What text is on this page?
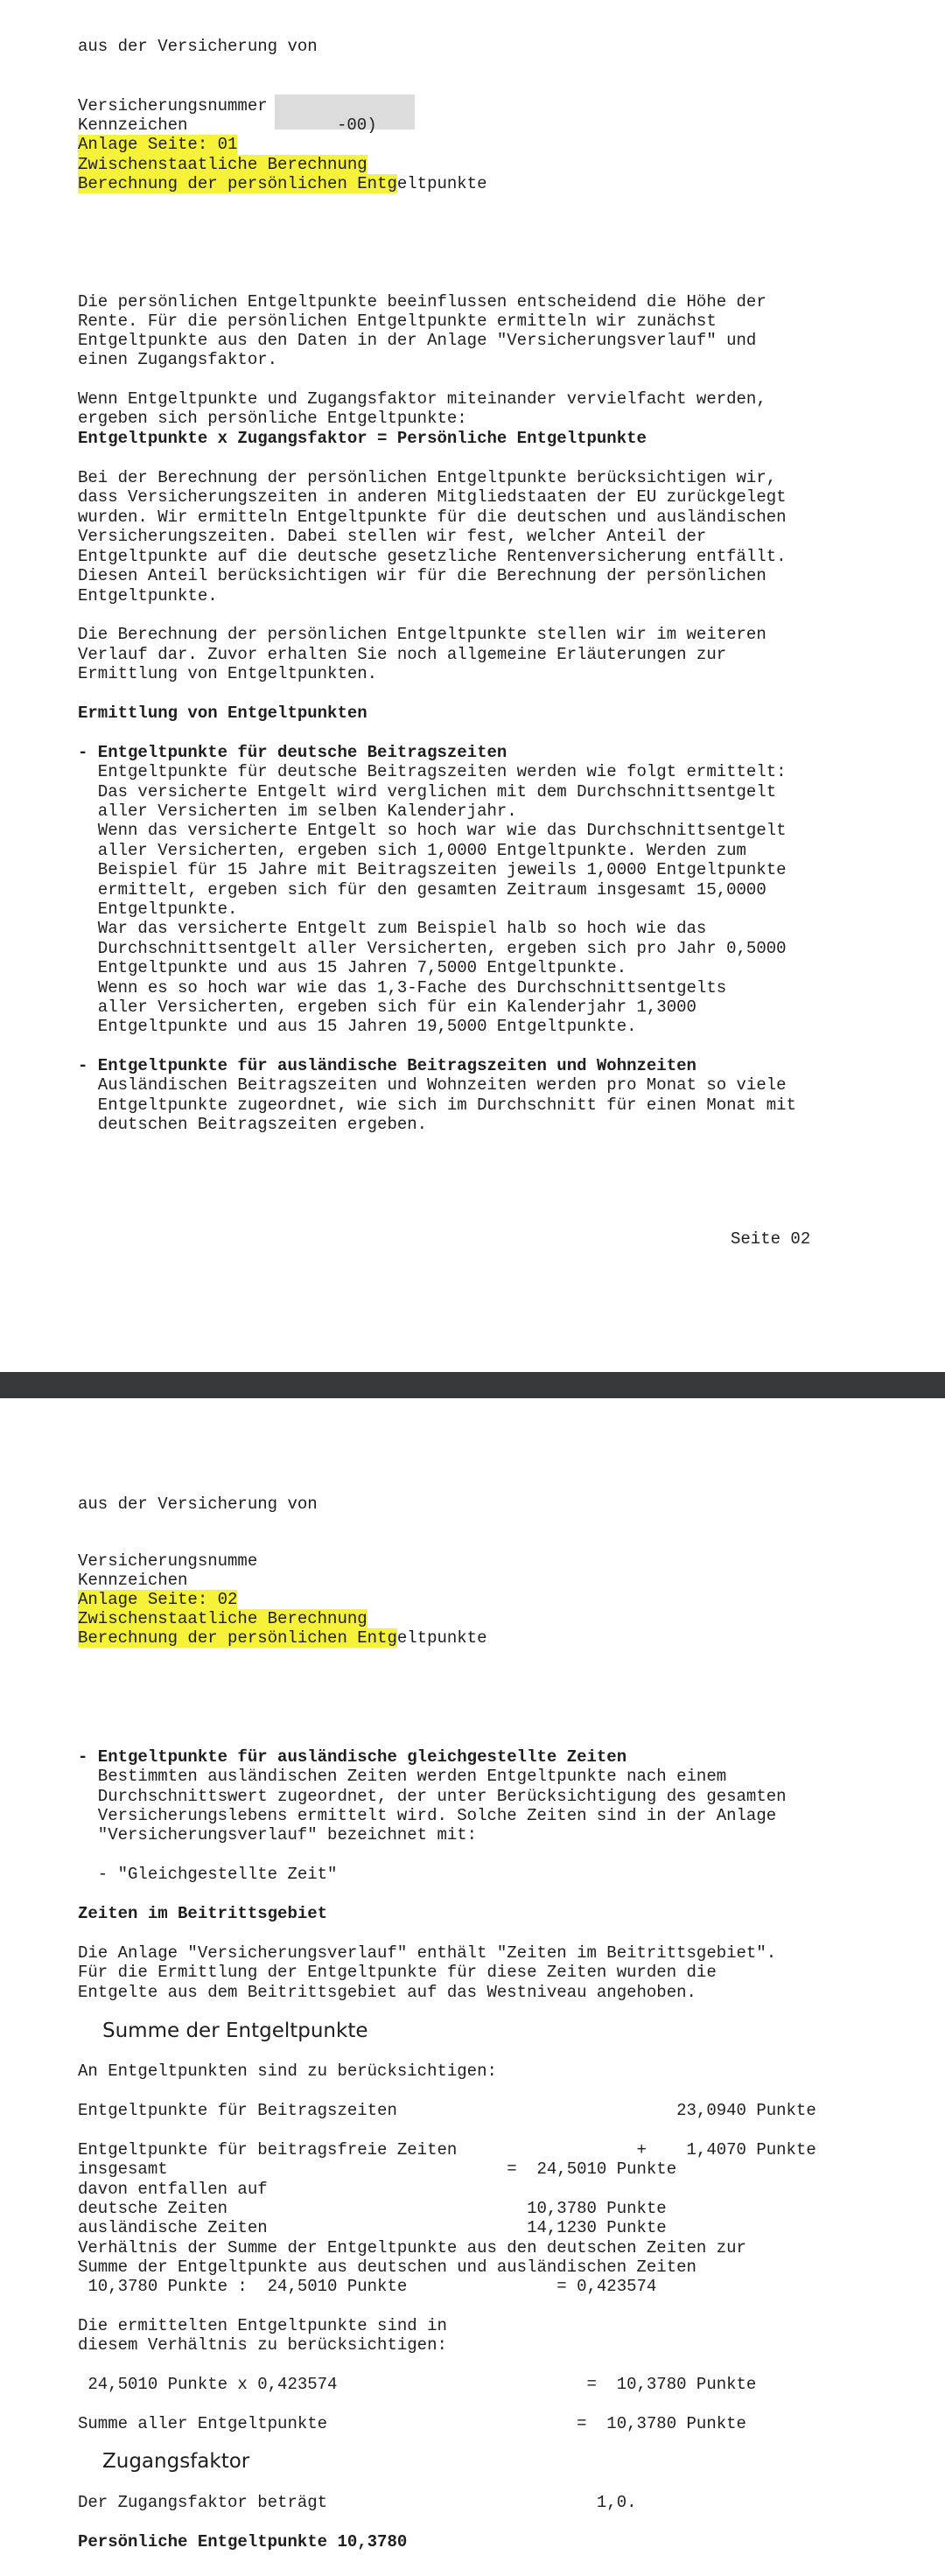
aus der Versicherung von
Versicherungsnummer
Kennzeichen	-00)
Anlage Seite: 01
Zwischenstaatliche Berechnung
Berechnung der persönlichen Entgeltpunkte
Die persönlichen Entgeltpunkte beeinflussen entscheidend die Höhe der
Rente. Für die persönlichen Entgeltpunkte ermitteln wir zunächst
Entgeltpunkte aus den Daten in der Anlage "Versicherungsverlauf" und
einen Zugangsfaktor.
Wenn Entgeltpunkte und Zugangsfaktor miteinander vervielfacht werden,
ergeben sich persönliche Entgeltpunkte:
Entgeltpunkte x Zugangsfaktor = Persönliche Entgeltpunkte
Bei der Berechnung der persönlichen Entgeltpunkte berücksichtigen wir,
dass Versicherungszeiten in anderen Mitgliedstaaten der EU zurückgelegt
wurden. Wir ermitteln Entgeltpunkte für die deutschen und ausländischen
Versicherungszeiten. Dabei stellen wir fest, welcher Anteil der
Entgeltpunkte auf die deutsche gesetzliche Rentenversicherung entfällt.
Diesen Anteil berücksichtigen wir für die Berechnung der persönlichen
Entgeltpunkte.
Die Berechnung der persönlichen Entgeltpunkte stellen wir im weiteren
Verlauf dar. Zuvor erhalten Sie noch allgemeine Erläuterungen zur
Ermittlung von Entgeltpunkten.
Ermittlung von Entgeltpunkten
- Entgeltpunkte für deutsche Beitragszeiten
Entgeltpunkte für deutsche Beitragszeiten werden wie folgt ermittelt:
Das versicherte Entgelt wird verglichen mit dem Durchschnittsentgelt
aller Versicherten im selben Kalenderjahr.
Wenn das versicherte Entgelt so hoch war wie das Durchschnittsentgelt
aller Versicherten, ergeben sich 1,0000 Entgeltpunkte. Werden zum
Beispiel für 15 Jahre mit Beitragszeiten jeweils 1,0000 Entgeltpunkte
ermittelt, ergeben sich für den gesamten Zeitraum insgesamt 15,0000
Entgeltpunkte.
War das versicherte Entgelt zum Beispiel halb so hoch wie das
Durchschnittsentgelt aller Versicherten, ergeben sich pro Jahr 0,5000
Entgeltpunkte und aus 15 Jahren 7,5000 Entgeltpunkte.
Wenn es so hoch war wie das 1,3-Fache des Durchschnittsentgelts
aller Versicherten, ergeben sich für ein Kalenderjahr 1,3000
Entgeltpunkte und aus 15 Jahren 19,5000 Entgeltpunkte.
- Entgeltpunkte für ausländische Beitragszeiten und Wohnzeiten
Ausländischen Beitragszeiten und Wohnzeiten werden pro Monat so viele
Entgeltpunkte zugeordnet, wie sich im Durchschnitt für einen Monat mit
deutschen Beitragszeiten ergeben.
Seite 02
aus der Versicherung von
Versicherungsnumme
Kennzeichen
Anlage Seite: 02
Zwischenstaatliche Berechnung
Berechnung der persönlichen Entgeltpunkte
- Entgeltpunkte für ausländische gleichgestellte Zeiten
Bestimmten ausländischen Zeiten werden Entgeltpunkte nach einem
Durchschnittswert zugeordnet, der unter Berücksichtigung des gesamten
Versicherungslebens ermittelt wird. Solche Zeiten sind in der Anlage
"Versicherungsverlauf" bezeichnet mit:
- "Gleichgestellte Zeit"
Zeiten im Beitrittsgebiet
Die Anlage "Versicherungsverlauf" enthält "Zeiten im Beitrittsgebiet".
Für die Ermittlung der Entgeltpunkte für diese Zeiten wurden die
Entgelte aus dem Beitrittsgebiet auf das Westniveau angehoben.
Summe der Entgeltpunkte
An Entgeltpunkten sind zu berücksichtigen:
Entgeltpunkte für Beitragszeiten                            23,0940 Punkte
Entgeltpunkte für beitragsfreie Zeiten                  +    1,4070 Punkte
insgesamt                                  =  24,5010 Punkte
davon entfallen auf
deutsche Zeiten                              10,3780 Punkte
ausländische Zeiten                          14,1230 Punkte
Verhältnis der Summe der Entgeltpunkte aus den deutschen Zeiten zur
Summe der Entgeltpunkte aus deutschen und ausländischen Zeiten
10,3780 Punkte :  24,5010 Punkte               = 0,423574
Die ermittelten Entgeltpunkte sind in
diesem Verhältnis zu berücksichtigen:
24,5010 Punkte x 0,423574                         =  10,3780 Punkte
Summe aller Entgeltpunkte                         =  10,3780 Punkte
Zugangsfaktor
Der Zugangsfaktor beträgt                           1,0.
Persönliche Entgeltpunkte 10,3780
